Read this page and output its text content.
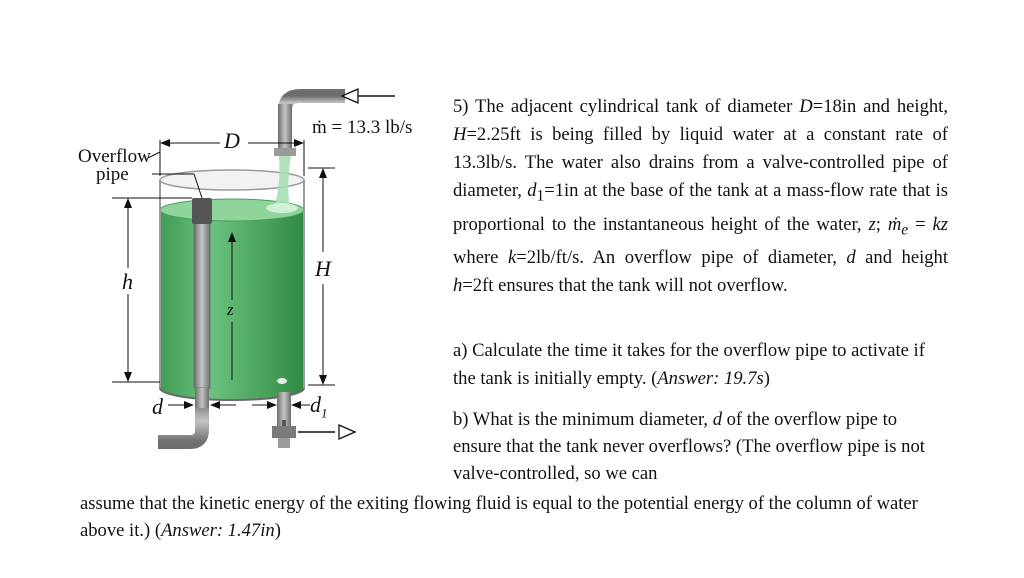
Overflow
pipe
D
ṁ = 13.3 lb/s
H
h
z
d	$d_1$

5) The adjacent cylindrical tank of diameter D=18in and height, H=2.25ft is being filled by liquid water at a constant rate of 13.3lb/s. The water also drains from a valve-controlled pipe of diameter, $d_1=1in$ at the base of the tank at a mass-flow rate that is proportional to the instantaneous height of the water, z; ṁ$_e$ = kz where k=2lb/ft/s. An overflow pipe of diameter, d and height h=2ft ensures that the tank will not overflow.

a) Calculate the time it takes for the overflow pipe to activate if the tank is initially empty. (Answer: 19.7s)

b) What is the minimum diameter, d of the overflow pipe to ensure that the tank never overflows? (The overflow pipe is not valve-controlled, so we can

assume that the kinetic energy of the exiting flowing fluid is equal to the potential energy of the column of water above it.) (Answer: 1.47in)
